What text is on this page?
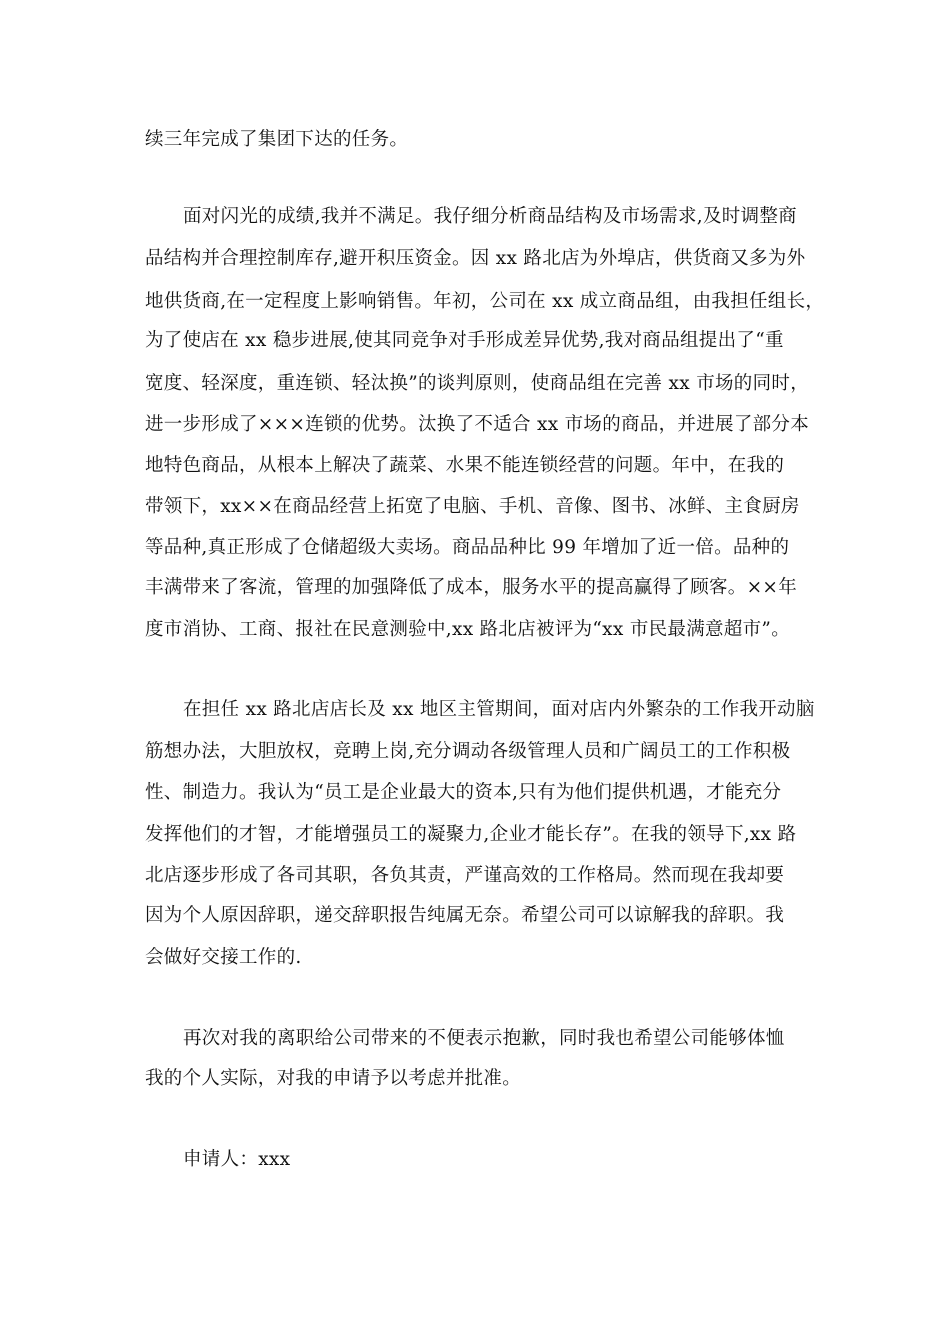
续三年完成了集团下达的任务。
面对闪光的成绩,我并不满足。我仔细分析商品结构及市场需求,及时调整商
品结构并合理控制库存,避开积压资金。因 xx 路北店为外埠店，供货商又多为外
地供货商,在一定程度上影响销售。年初，公司在 xx 成立商品组，由我担任组长，
为了使店在 xx 稳步进展,使其同竞争对手形成差异优势,我对商品组提出了“重
宽度、轻深度，重连锁、轻汰换”的谈判原则，使商品组在完善 xx 市场的同时，
进一步形成了×××连锁的优势。汰换了不适合 xx 市场的商品，并进展了部分本
地特色商品，从根本上解决了蔬菜、水果不能连锁经营的问题。年中，在我的
带领下，xx××在商品经营上拓宽了电脑、手机、音像、图书、冰鲜、主食厨房
等品种,真正形成了仓储超级大卖场。商品品种比 99 年增加了近一倍。品种的
丰满带来了客流，管理的加强降低了成本，服务水平的提高赢得了顾客。××年
度市消协、工商、报社在民意测验中,xx 路北店被评为“xx 市民最满意超市”。
在担任 xx 路北店店长及 xx 地区主管期间，面对店内外繁杂的工作我开动脑
筋想办法，大胆放权，竞聘上岗,充分调动各级管理人员和广阔员工的工作积极
性、制造力。我认为“员工是企业最大的资本,只有为他们提供机遇，才能充分
发挥他们的才智，才能增强员工的凝聚力,企业才能长存”。在我的领导下,xx 路
北店逐步形成了各司其职，各负其责，严谨高效的工作格局。然而现在我却要
因为个人原因辞职，递交辞职报告纯属无奈。希望公司可以谅解我的辞职。我
会做好交接工作的.
再次对我的离职给公司带来的不便表示抱歉，同时我也希望公司能够体恤
我的个人实际，对我的申请予以考虑并批准。
申请人：xxx
